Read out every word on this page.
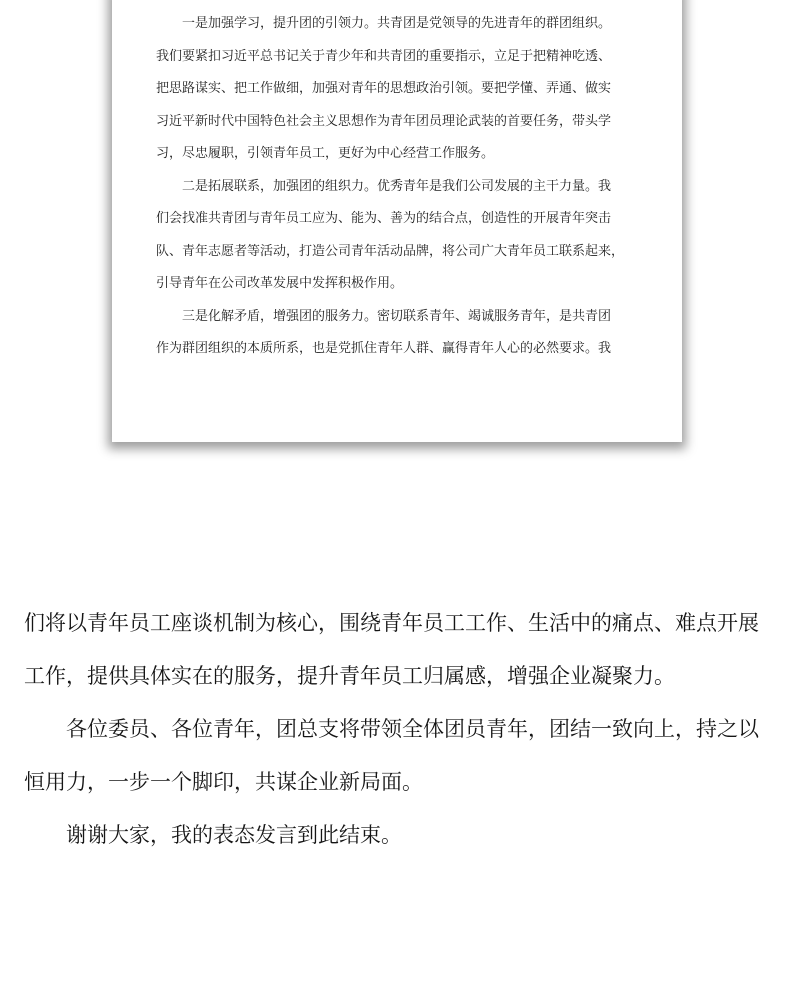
一是加强学习，提升团的引领力。共青团是党领导的先进青年的群团组织。
我们要紧扣习近平总书记关于青少年和共青团的重要指示，立足于把精神吃透、
把思路谋实、把工作做细，加强对青年的思想政治引领。要把学懂、弄通、做实
习近平新时代中国特色社会主义思想作为青年团员理论武装的首要任务，带头学
习，尽忠履职，引领青年员工，更好为中心经营工作服务。
二是拓展联系，加强团的组织力。优秀青年是我们公司发展的主干力量。我
们会找准共青团与青年员工应为、能为、善为的结合点，创造性的开展青年突击
队、青年志愿者等活动，打造公司青年活动品牌，将公司广大青年员工联系起来，
引导青年在公司改革发展中发挥积极作用。
三是化解矛盾，增强团的服务力。密切联系青年、竭诚服务青年，是共青团
作为群团组织的本质所系，也是党抓住青年人群、赢得青年人心的必然要求。我
们将以青年员工座谈机制为核心，围绕青年员工工作、生活中的痛点、难点开展
工作，提供具体实在的服务，提升青年员工归属感，增强企业凝聚力。
各位委员、各位青年，团总支将带领全体团员青年，团结一致向上，持之以
恒用力，一步一个脚印，共谋企业新局面。
谢谢大家，我的表态发言到此结束。
